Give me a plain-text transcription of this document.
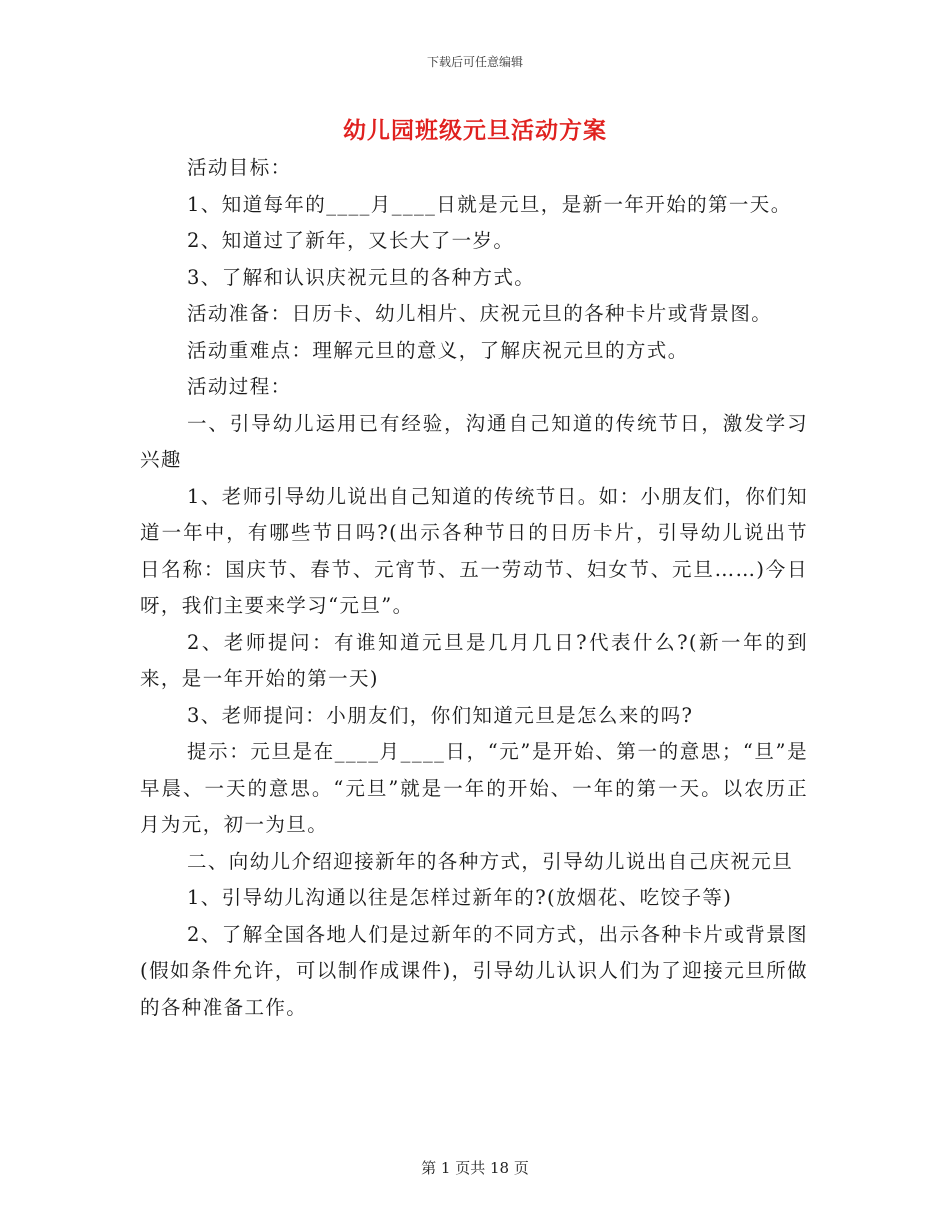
下载后可任意编辑
幼儿园班级元旦活动方案

活动目标：

1、知道每年的____月____日就是元旦，是新一年开始的第一天。

2、知道过了新年，又长大了一岁。

3、了解和认识庆祝元旦的各种方式。

活动准备：日历卡、幼儿相片、庆祝元旦的各种卡片或背景图。

活动重难点：理解元旦的意义，了解庆祝元旦的方式。

活动过程：

一、引导幼儿运用已有经验，沟通自己知道的传统节日，激发学习兴趣

1、老师引导幼儿说出自己知道的传统节日。如：小朋友们，你们知道一年中，有哪些节日吗?(出示各种节日的日历卡片，引导幼儿说出节日名称：国庆节、春节、元宵节、五一劳动节、妇女节、元旦……)今日呀，我们主要来学习“元旦”。

2、老师提问：有谁知道元旦是几月几日?代表什么?(新一年的到来，是一年开始的第一天)

3、老师提问：小朋友们，你们知道元旦是怎么来的吗?

提示：元旦是在____月____日，“元”是开始、第一的意思；“旦”是早晨、一天的意思。“元旦”就是一年的开始、一年的第一天。以农历正月为元，初一为旦。

二、向幼儿介绍迎接新年的各种方式，引导幼儿说出自己庆祝元旦

1、引导幼儿沟通以往是怎样过新年的?(放烟花、吃饺子等)

2、了解全国各地人们是过新年的不同方式，出示各种卡片或背景图(假如条件允许，可以制作成课件)，引导幼儿认识人们为了迎接元旦所做的各种准备工作。

第 1 页共 18 页
